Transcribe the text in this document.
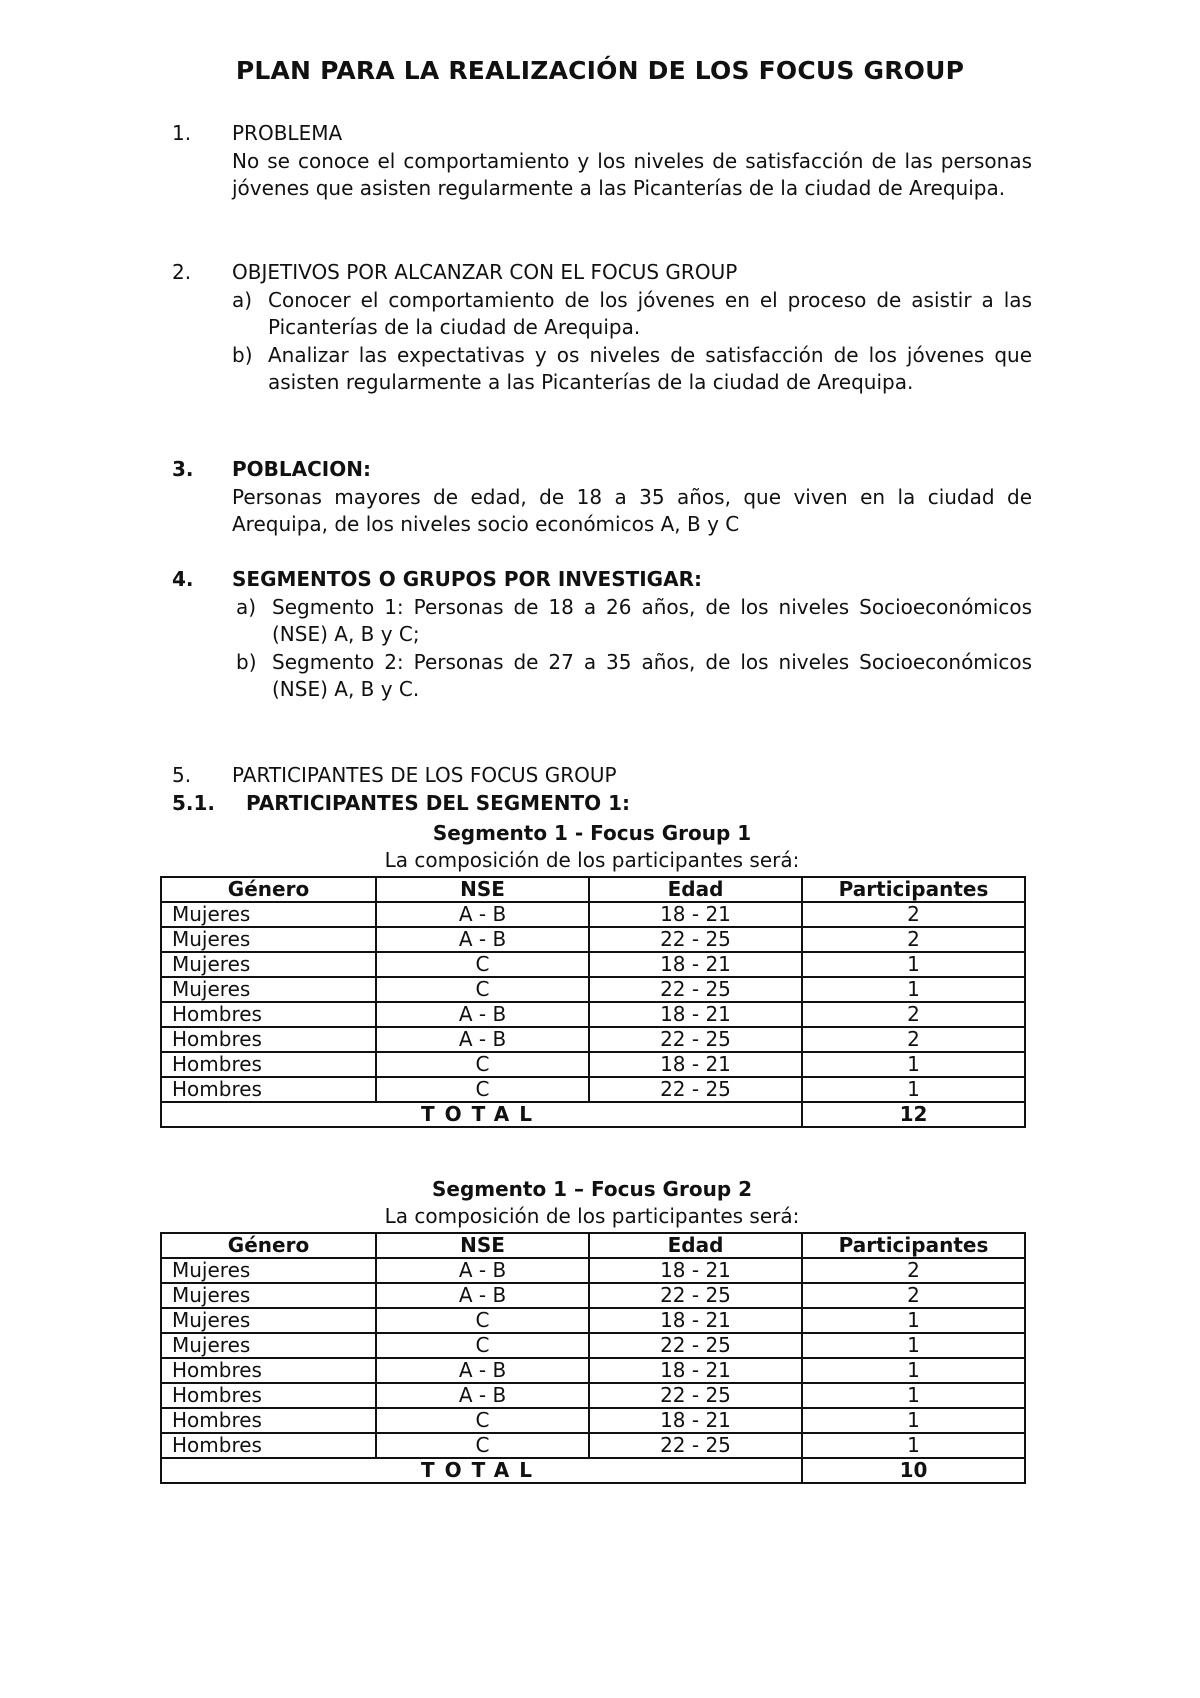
PLAN PARA LA REALIZACIÓN DE LOS FOCUS GROUP
1.	PROBLEMA
No se conoce el comportamiento y los niveles de satisfacción de las personas jóvenes que asisten regularmente a las Picanterías de la ciudad de Arequipa.
2.	OBJETIVOS POR ALCANZAR CON EL FOCUS GROUP
a) Conocer el comportamiento de los jóvenes en el proceso de asistir a las Picanterías de la ciudad de Arequipa.
b) Analizar las expectativas y os niveles de satisfacción de los jóvenes que asisten regularmente a las Picanterías de la ciudad de Arequipa.
3.	POBLACION:
Personas mayores de edad, de 18 a 35 años, que viven en la ciudad de Arequipa, de los niveles socio económicos A, B y C
4.	SEGMENTOS O GRUPOS POR INVESTIGAR:
a) Segmento 1: Personas de 18 a 26 años, de los niveles Socioeconómicos (NSE) A, B y C;
b) Segmento 2: Personas de 27 a 35 años, de los niveles Socioeconómicos (NSE) A, B y C.
5.	PARTICIPANTES DE LOS FOCUS GROUP
5.1.	PARTICIPANTES DEL SEGMENTO 1:
Segmento 1 - Focus Group 1
La composición de los participantes será:
Género	NSE	Edad	Participantes
Mujeres	A - B	18 - 21	2
Mujeres	A - B	22 - 25	2
Mujeres	C	18 - 21	1
Mujeres	C	22 - 25	1
Hombres	A - B	18 - 21	2
Hombres	A - B	22 - 25	2
Hombres	C	18 - 21	1
Hombres	C	22 - 25	1
TOTAL			12
Segmento 1 – Focus Group 2
La composición de los participantes será:
Género	NSE	Edad	Participantes
Mujeres	A - B	18 - 21	2
Mujeres	A - B	22 - 25	2
Mujeres	C	18 - 21	1
Mujeres	C	22 - 25	1
Hombres	A - B	18 - 21	1
Hombres	A - B	22 - 25	1
Hombres	C	18 - 21	1
Hombres	C	22 - 25	1
TOTAL			10
